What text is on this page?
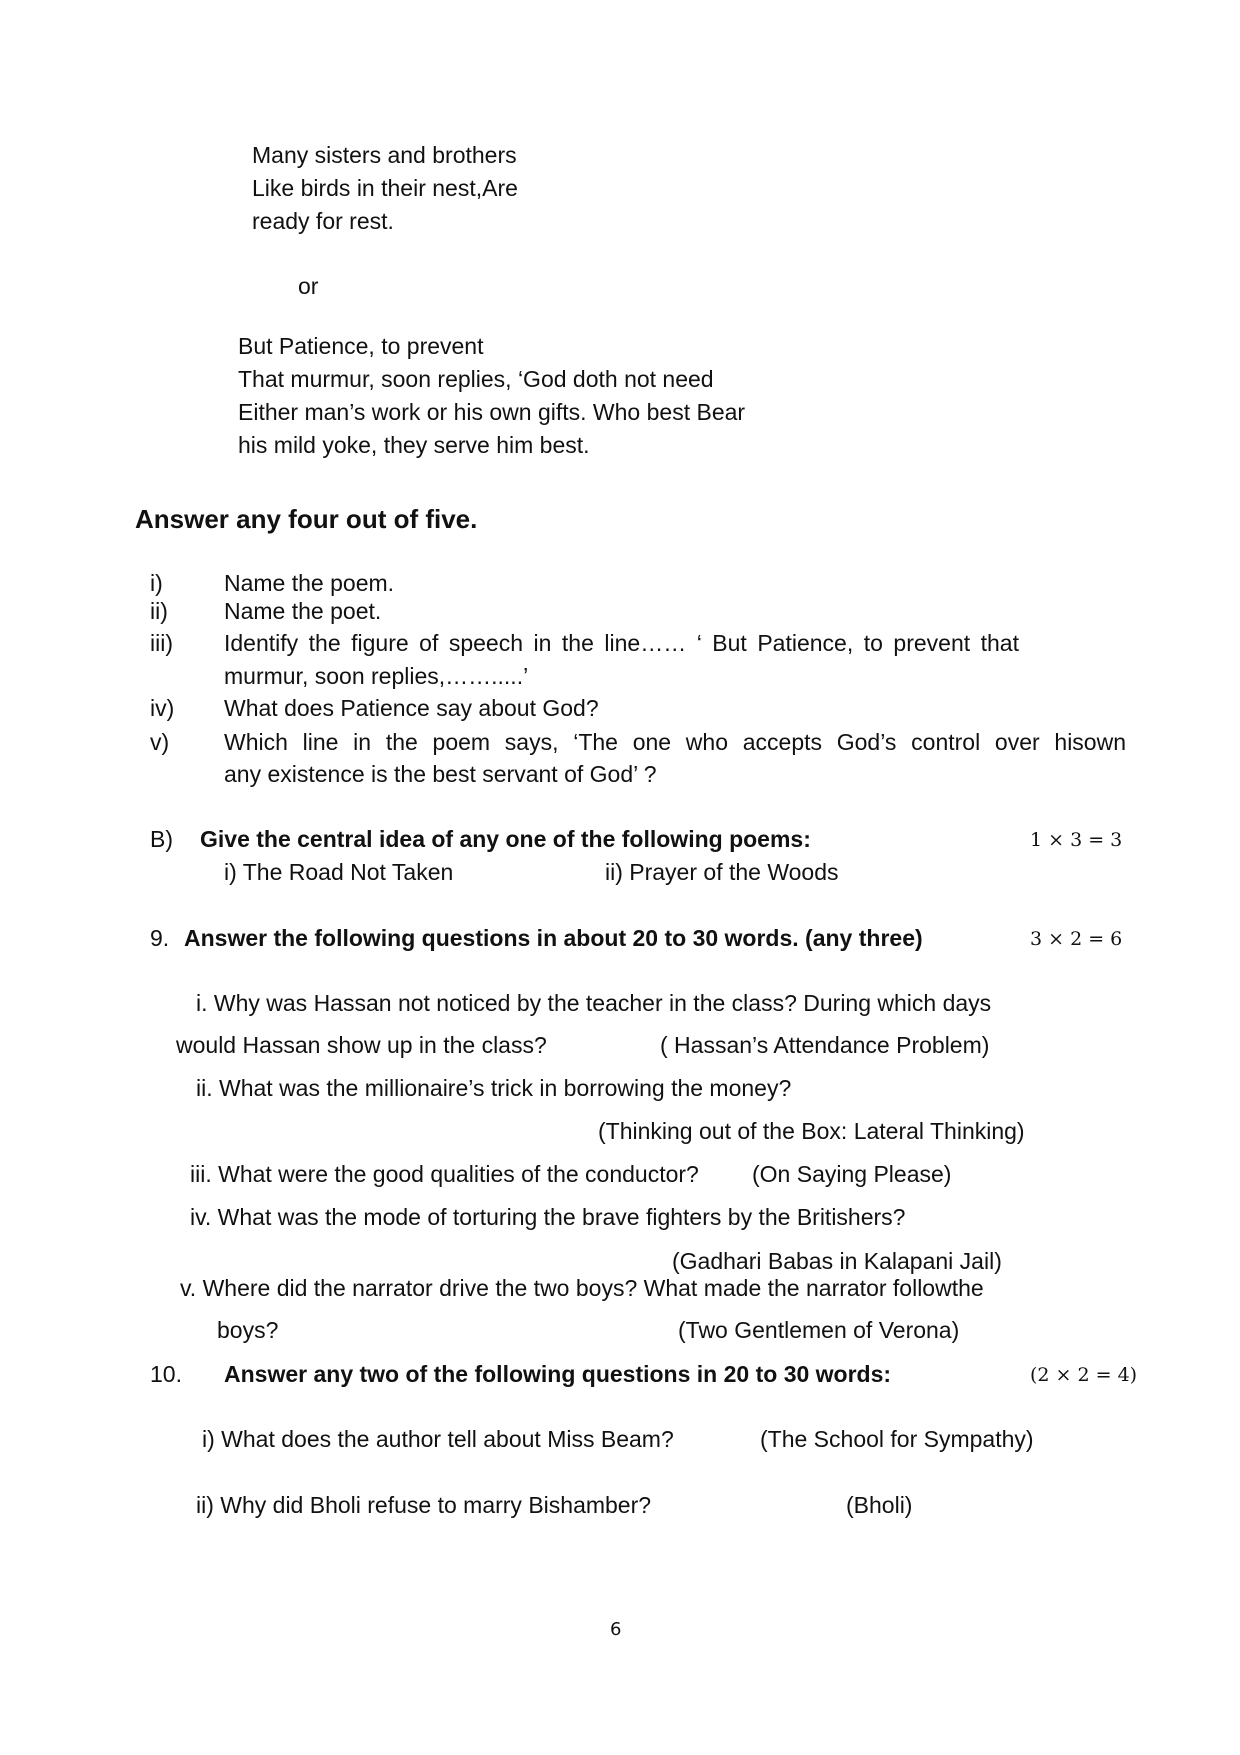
Many sisters and brothers
Like birds in their nest,Are
ready for rest.
or
But Patience, to prevent
That murmur, soon replies, ‘God doth not need
Either man’s work or his own gifts. Who best Bear
his mild yoke, they serve him best.
Answer any four out of five.
i)	Name the poem.
ii) Name the poet.
iii) Identify the figure of speech in the line…… ‘ But Patience, to prevent that
murmur, soon replies,…….....’
iv) What does Patience say about God?
v) Which line in the poem says, ‘The one who accepts God’s control over hisown
any existence is the best servant of God’ ?
B) Give the central idea of any one of the following poems:	1 × 3 = 3
i) The Road Not Taken	ii) Prayer of the Woods
9. Answer the following questions in about 20 to 30 words. (any three)	3 × 2 = 6
i. Why was Hassan not noticed by the teacher in the class? During which days
would Hassan show up in the class?	( Hassan’s Attendance Problem)
ii. What was the millionaire’s trick in borrowing the money?
(Thinking out of the Box: Lateral Thinking)
iii. What were the good qualities of the conductor? (On Saying Please)
iv. What was the mode of torturing the brave fighters by the Britishers?
(Gadhari Babas in Kalapani Jail)
v. Where did the narrator drive the two boys? What made the narrator followthe
boys?	(Two Gentlemen of Verona)
10. Answer any two of the following questions in 20 to 30 words:	(2 × 2 = 4)
i) What does the author tell about Miss Beam?	(The School for Sympathy)
ii) Why did Bholi refuse to marry Bishamber?	(Bholi)
6
